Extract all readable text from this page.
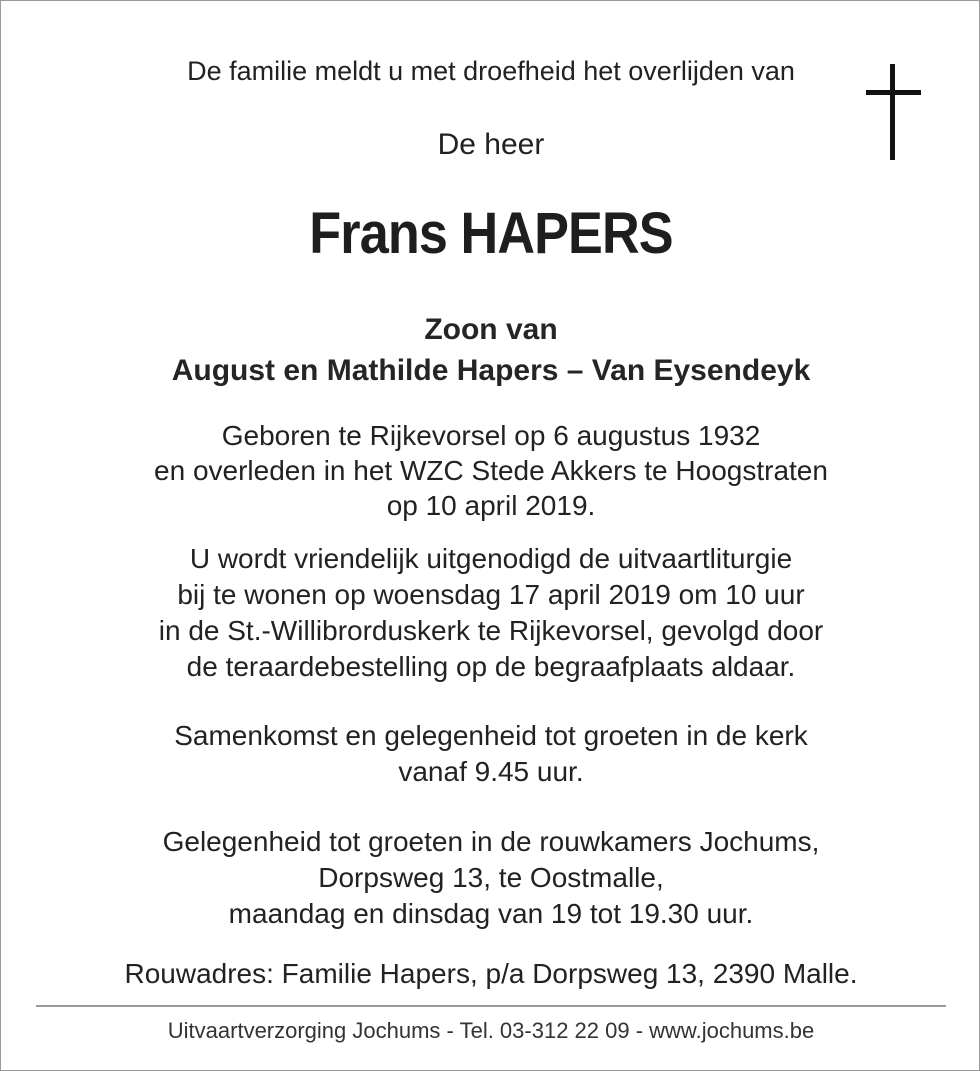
De familie meldt u met droefheid het overlijden van
De heer
Frans HAPERS
Zoon van
August en Mathilde Hapers – Van Eysendeyk
Geboren te Rijkevorsel op 6 augustus 1932
en overleden in het WZC Stede Akkers te Hoogstraten
op 10 april 2019.
U wordt vriendelijk uitgenodigd de uitvaartliturgie
bij te wonen op woensdag 17 april 2019 om 10 uur
in de St.-Willibrorduskerk te Rijkevorsel, gevolgd door
de teraardebestelling op de begraafplaats aldaar.
Samenkomst en gelegenheid tot groeten in de kerk
vanaf 9.45 uur.
Gelegenheid tot groeten in de rouwkamers Jochums,
Dorpsweg 13, te Oostmalle,
maandag en dinsdag van 19 tot 19.30 uur.
Rouwadres: Familie Hapers, p/a Dorpsweg 13, 2390 Malle.
Uitvaartverzorging Jochums - Tel. 03-312 22 09 - www.jochums.be
